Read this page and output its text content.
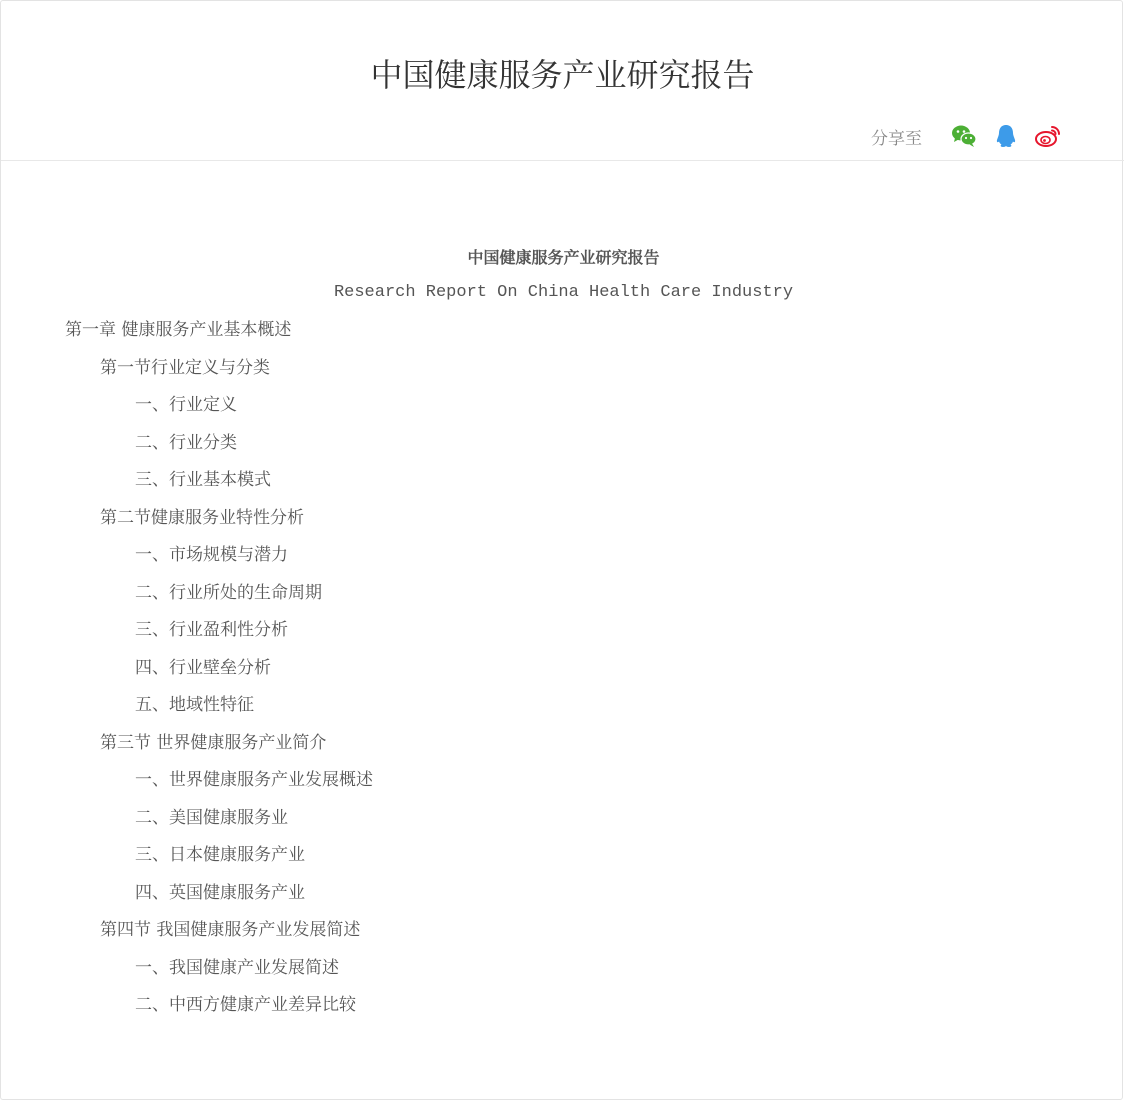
中国健康服务产业研究报告
分享至
中国健康服务产业研究报告
Research Report On China Health Care Industry
第一章 健康服务产业基本概述
第一节行业定义与分类
一、行业定义
二、行业分类
三、行业基本模式
第二节健康服务业特性分析
一、市场规模与潜力
二、行业所处的生命周期
三、行业盈利性分析
四、行业壁垒分析
五、地域性特征
第三节 世界健康服务产业简介
一、世界健康服务产业发展概述
二、美国健康服务业
三、日本健康服务产业
四、英国健康服务产业
第四节 我国健康服务产业发展简述
一、我国健康产业发展简述
二、中西方健康产业差异比较
